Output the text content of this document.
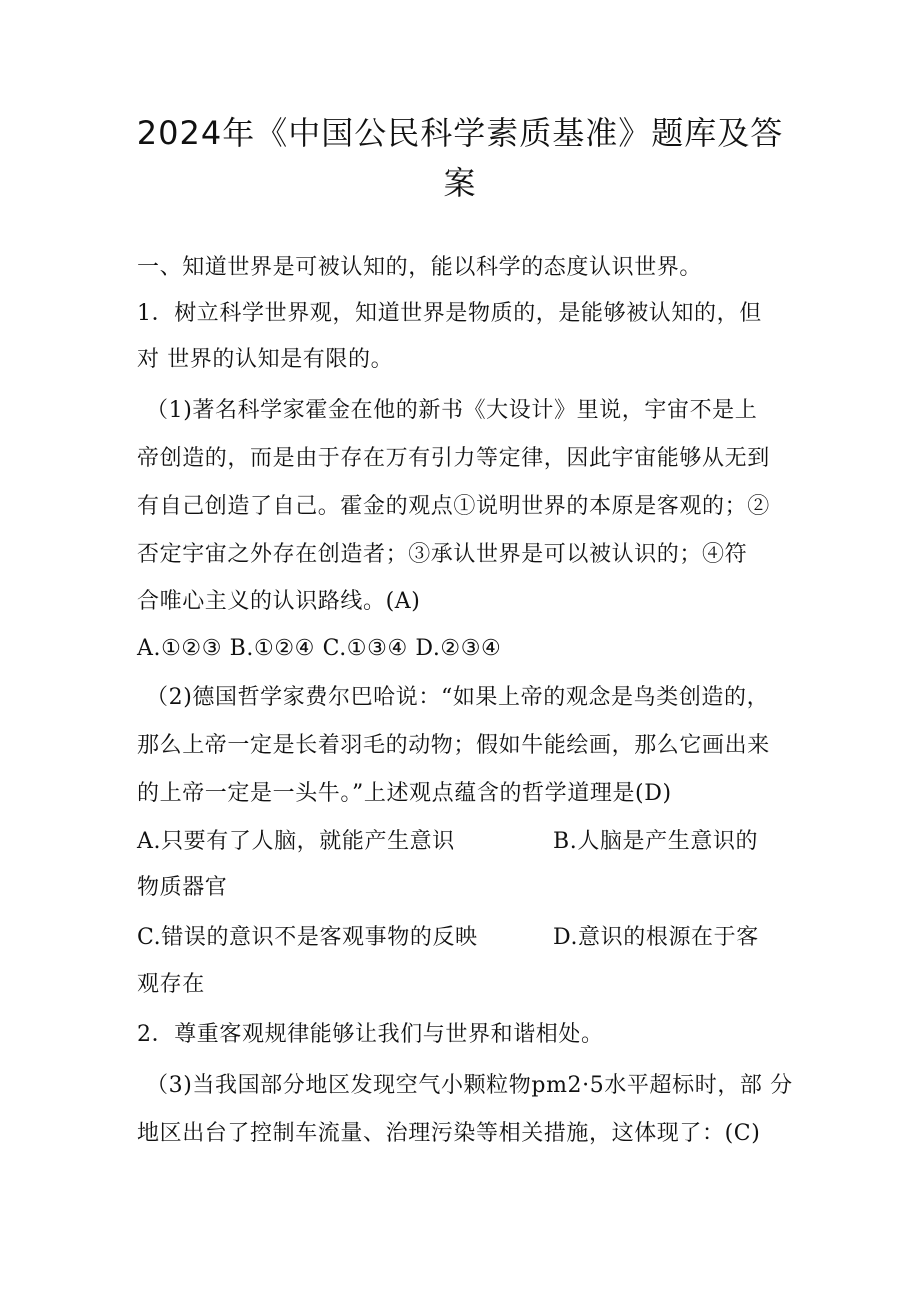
2024年《中国公民科学素质基准》题库及答
案
一、知道世界是可被认知的，能以科学的态度认识世界。
1．树立科学世界观，知道世界是物质的，是能够被认知的，但
对 世界的认知是有限的。
（1)著名科学家霍金在他的新书《大设计》里说，宇宙不是上
帝创造的，而是由于存在万有引力等定律，因此宇宙能够从无到
有自己创造了自己。霍金的观点①说明世界的本原是客观的；②
否定宇宙之外存在创造者；③承认世界是可以被认识的；④符
合唯心主义的认识路线。(A)
A.①②③ B.①②④ C.①③④ D.②③④
（2)德国哲学家费尔巴哈说：“如果上帝的观念是鸟类创造的，
那么上帝一定是长着羽毛的动物；假如牛能绘画，那么它画出来
的上帝一定是一头牛。”上述观点蕴含的哲学道理是(D)
A.只要有了人脑，就能产生意识	B.人脑是产生意识的
物质器官
C.错误的意识不是客观事物的反映	D.意识的根源在于客
观存在
2．尊重客观规律能够让我们与世界和谐相处。
（3)当我国部分地区发现空气小颗粒物pm2·5水平超标时，部 分
地区出台了控制车流量、治理污染等相关措施，这体现了：(C)
